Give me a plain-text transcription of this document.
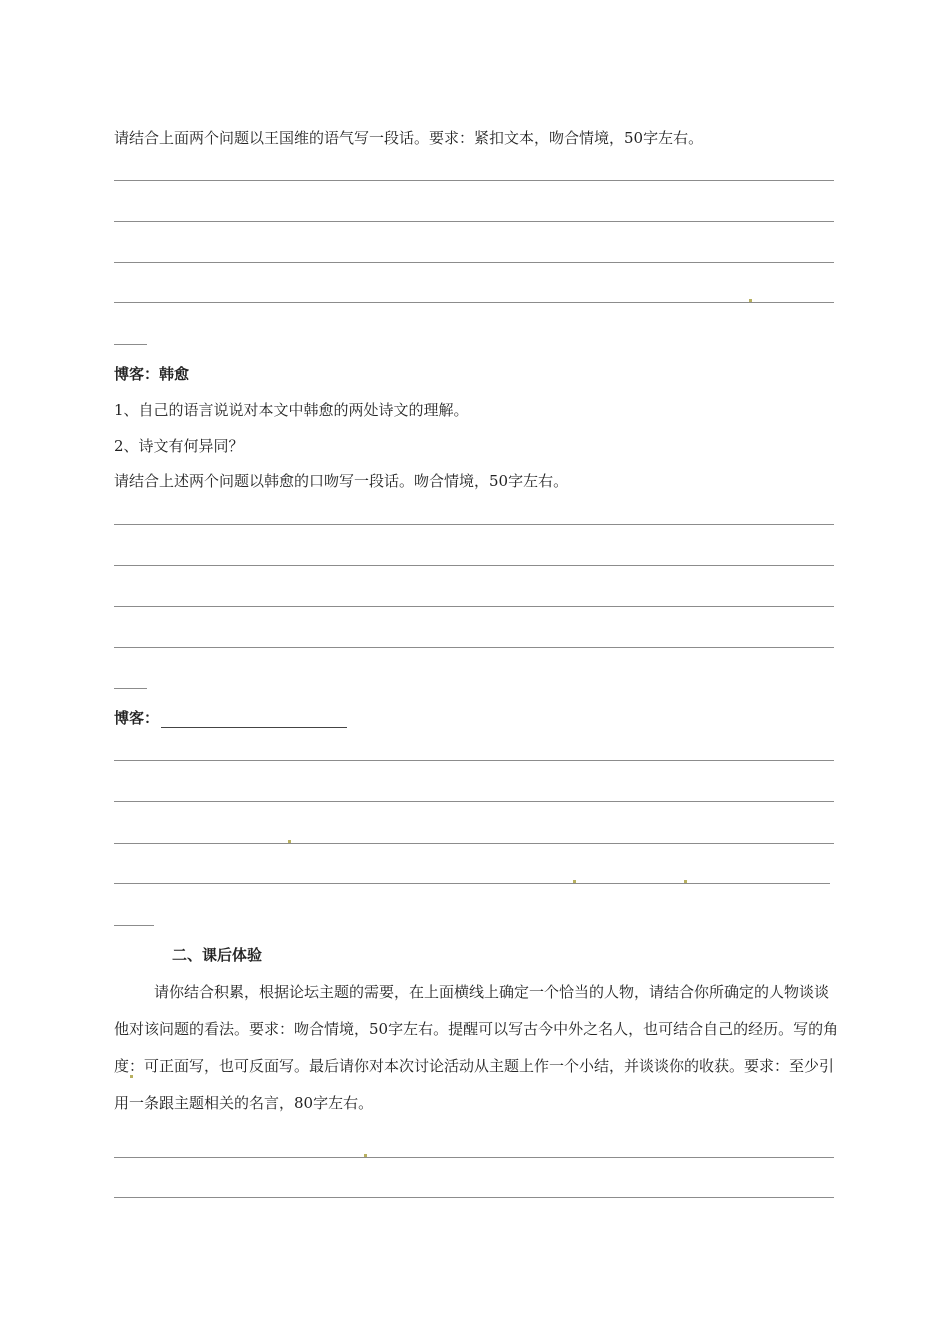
请结合上面两个问题以王国维的语气写一段话。要求：紧扣文本，吻合情境，50字左右。
博客：韩愈
1、自己的语言说说对本文中韩愈的两处诗文的理解。
2、诗文有何异同？
请结合上述两个问题以韩愈的口吻写一段话。吻合情境，50字左右。
博客：
二、课后体验

请你结合积累，根据论坛主题的需要，在上面横线上确定一个恰当的人物，请结合你所确定的人物谈谈他对该问题的看法。要求：吻合情境，50字左右。提醒可以写古今中外之名人，也可结合自己的经历。写的角度：可正面写，也可反面写。最后请你对本次讨论活动从主题上作一个小结，并谈谈你的收获。要求：至少引用一条跟主题相关的名言，80字左右。
